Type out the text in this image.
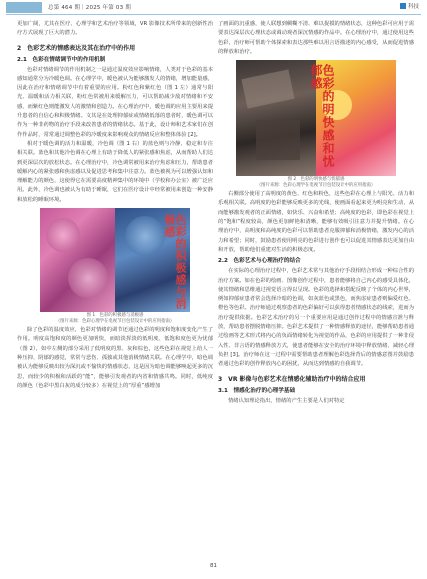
总第 464 期｜2025 年第 03 期	科技

更加广阔，尤其在医疗、心理学和艺术治疗等领域，VR 影像技术所带来的创新性治疗方式展现了巨大的潜力。

2　色彩艺术的情感表达及其在治疗中的作用
2.1　色彩在情绪调节中的作用机制

色彩对情绪调节的作用机制之一是通过温度效应影响情绪，人类对于色彩的基本感知通常分为冷暖色调。在心理学中，暖色被认为能够激发人的情绪，增加能量感，因此在治疗和情绪调节中有着重要的应用。粉红色和紫红色（图 1 左）通常与阳光、温暖和活力相关联，粉红色常被用来缓解压力，可以帮助减少敌对情绪和不安感，而紫红色则能激发人的激情和创造力。在心理治疗中，暖色调的应用主要用来提升患者的自信心和积极情绪。文其是在处理抑郁症或情绪低落的患者时，暖色调可以作为一种非药物的治疗手段来改善患者的情绪状态。基于此，设计师和艺术家们在创作作品时，常常通过调整色彩的冷暖度来影响观众的情绪反应和整体体验 [2]。

相对于暖色调的活力和温暖，冷色调（图 1 右）的蓝色则与冷静、稳定和专注相关联。蓝色和其他冷色调在心理上有助于降低人的紧张感和焦虑，从而帮助人们达到更深层次的放松状态。在心理治疗中，冷色调常被用来治疗焦虑和压力，帮助患者缓解内心的紧张感和焦虑感以及促进思考和集中注意力。蓝色被视为可以增强认知和理解能力的颜色，这使得它在需要高度精神集中的环境中（学校和办公室）被广泛应用。此外，冷色调也被认为有助于睡眠，它们在医疗设计中经常被用来创造一种安静和放松的睡眠环境。

色彩的积极感与消极感
图 1　色彩的积极感与消极感
（图片来源：色彩心理学在电视节目包装设计中的应用指南）

除了色彩的温度效应，色彩对情绪的调节还通过色彩的明度和饱和度变化产生了作用。明度高饱和度的颜色更加明快，而暗淡挥淡的低明度、低饱和度色更为忧郁（图 2），如中左侧的部分采用了低明度的黑、灰和棕色，这些色彩在视觉上给人一种压抑、阴郁的感觉，常常与悲伤、孤独或其他消极情绪关联。在心理学中，暗色调被认为能够反映出较为深沉或不愉快的情感状态，这是因为暗色调能够唤起更多的沉思，而较少的积极和活跃的“能”，能够引发观者的内省和情感共鸣。同时，低纯度的颜色（色彩中黑白灰的成分较多）在视觉上的“厚重”感增加

了画面的沉重感，使人联想到稠糊不清、难以捉摸的情绪状态，这种色彩可应用于需要表达深层次心理状态或调动观者深沉情感的作品中。在心理治疗中，通过使用这些色彩，治疗师可帮助个体探索和表达那些难以用言语描述的内心感受，从而促进情感的释放和治疗。

色彩的明快感和忧郁感
图 2　色彩的明快感与忧郁感
（图片来源：色彩心理学在电视节目包装设计中的应用指南）

右侧部分使用了高明度的黄色、红色和粉色，这些色彩在心理上与阳光、活力和乐观相关联。高明度的色彩能够反映更多的光线，使画面看起来更为明亮和生动，从而能够激发观者的正面情绪，如快乐、兴奋和希望；高纯度的色彩，即色彩在视觉上的“饱和”程度较高，颜色更加鲜艳和清晰，能够有效吸引注意力并提升情绪。在心理治疗中，高明度和高纯度的色彩可以帮助患者克服抑郁和消极情绪，激发内心的活力和希望；同时，鼓励患者使用明亮的色彩进行创作也可以促进其情感表达更加自由和开放，帮助他们重建对生活的积极态度。

2.2　色彩艺术与心理治疗的结合

在实际的心理治疗过程中，色彩艺术常与其他治疗手段相结合形成一种综合性的治疗方案。如在色彩的绘画、图像创作过程中，患者能够将自己内心的感受具体化，使其情绪和思维通过视觉语言得以呈现。色彩的选择和搭配反映了个体的内心世界，例如抑郁症患者常会选择冷暗的色调，如灰蓝色或黑色，而焦虑症患者则偏爱红色、橙色等色彩。治疗师通过观察患者的色彩偏好可以获得患者情感状态的线索，进而为治疗提供依据。色彩艺术治疗的另一个重要应用是通过创作过程中的情感宣泄与释放，帮助患者摆脱情绪压抑。色彩艺术提供了一种情感释放的途径，能够帮助患者通过绘画等艺术形式将内心的负面情绪转化为视觉的作品，色彩的应用提供了一种非侵入性、非言语的情感释放方式，使患者能够在安全的治疗环境中释放情绪、减轻心理负担 [3]。治疗师在这一过程中需要帮助患者理解色彩选择背后的情感意图并鼓励患者通过色彩的创作释放内心的困扰，从而达到情感的自我调节。

3　VR 影像与色彩艺术在情感化辅助治疗中的结合应用
3.1　情感化治疗的心理学基础

情绪认知理论指出，情绪的产生主要是人们对特定

81
